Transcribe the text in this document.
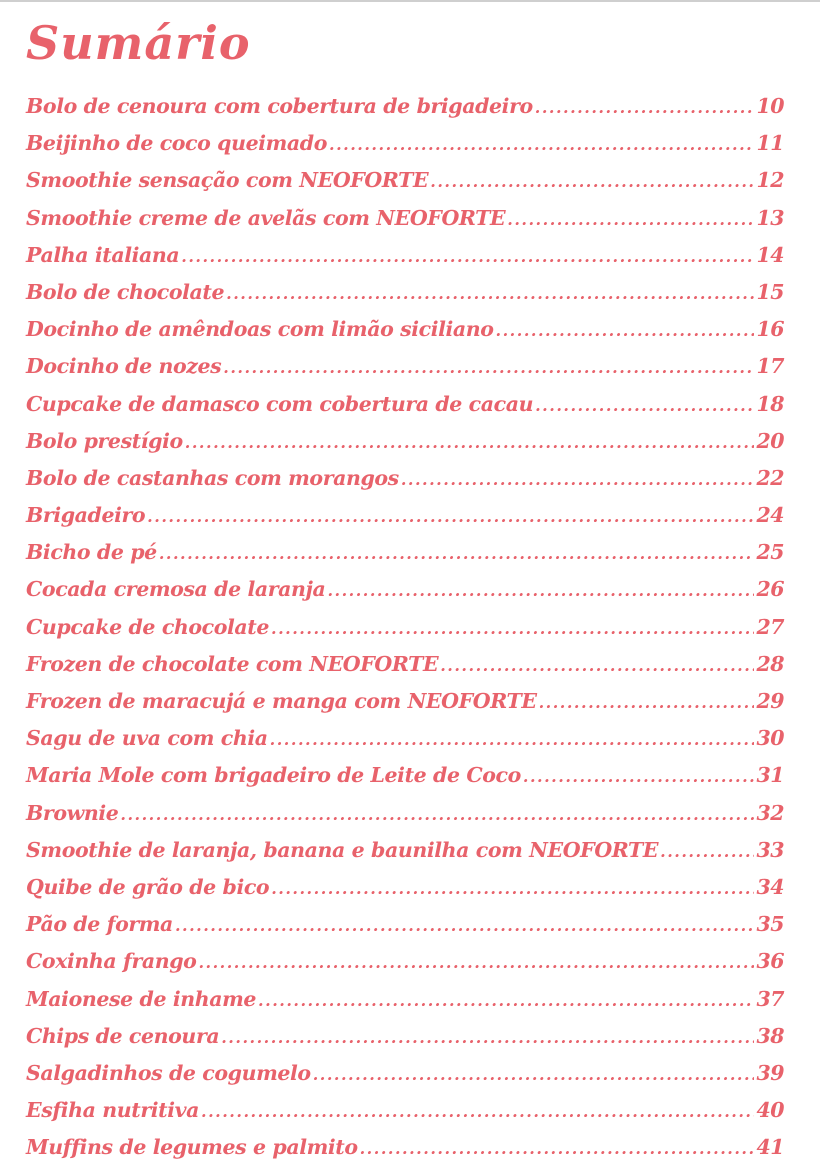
Sumário
Bolo de cenoura com cobertura de brigadeiro .....	10
Beijinho de coco queimado .....	11
Smoothie sensação com NEOFORTE .....	12
Smoothie creme de avelãs com NEOFORTE .....	13
Palha italiana .....	14
Bolo de chocolate .....	15
Docinho de amêndoas com limão siciliano .....	16
Docinho de nozes .....	17
Cupcake de damasco com cobertura de cacau .....	18
Bolo prestígio .....	20
Bolo de castanhas com morangos .....	22
Brigadeiro .....	24
Bicho de pé .....	25
Cocada cremosa de laranja .....	26
Cupcake de chocolate .....	27
Frozen de chocolate com NEOFORTE .....	28
Frozen de maracujá e manga com NEOFORTE .....	29
Sagu de uva com chia .....	30
Maria Mole com brigadeiro de Leite de Coco .....	31
Brownie .....	32
Smoothie de laranja, banana e baunilha com NEOFORTE .....	33
Quibe de grão de bico .....	34
Pão de forma .....	35
Coxinha frango .....	36
Maionese de inhame .....	37
Chips de cenoura .....	38
Salgadinhos de cogumelo .....	39
Esfiha nutritiva .....	40
Muffins de legumes e palmito .....	41
